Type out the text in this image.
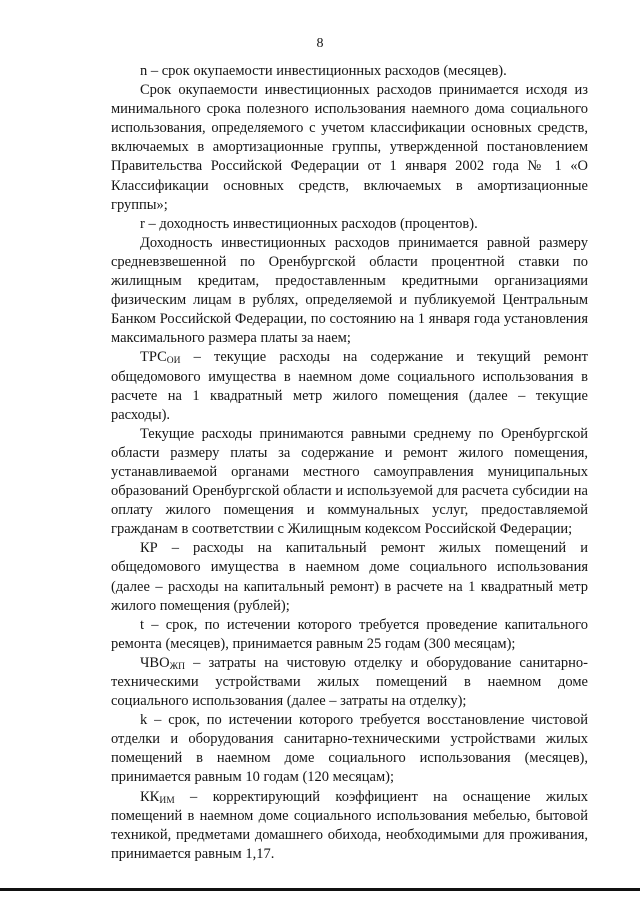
8

n – срок окупаемости инвестиционных расходов (месяцев).

Срок окупаемости инвестиционных расходов принимается исходя из минимального срока полезного использования наемного дома социального использования, определяемого с учетом классификации основных средств, включаемых в амортизационные группы, утвержденной постановлением Правительства Российской Федерации от 1 января 2002 года № 1 «О Классификации основных средств, включаемых в амортизационные группы»;

r – доходность инвестиционных расходов (процентов).

Доходность инвестиционных расходов принимается равной размеру средневзвешенной по Оренбургской области процентной ставки по жилищным кредитам, предоставленным кредитными организациями физическим лицам в рублях, определяемой и публикуемой Центральным Банком Российской Федерации, по состоянию на 1 января года установления максимального размера платы за наем;

$ТРС_{ОИ}$ – текущие расходы на содержание и текущий ремонт общедомового имущества в наемном доме социального использования в расчете на 1 квадратный метр жилого помещения (далее – текущие расходы).

Текущие расходы принимаются равными среднему по Оренбургской области размеру платы за содержание и ремонт жилого помещения, устанавливаемой органами местного самоуправления муниципальных образований Оренбургской области и используемой для расчета субсидии на оплату жилого помещения и коммунальных услуг, предоставляемой гражданам в соответствии с Жилищным кодексом Российской Федерации;

КР – расходы на капитальный ремонт жилых помещений и общедомового имущества в наемном доме социального использования (далее – расходы на капитальный ремонт) в расчете на 1 квадратный метр жилого помещения (рублей);

t – срок, по истечении которого требуется проведение капитального ремонта (месяцев), принимается равным 25 годам (300 месяцам);

$ЧВО_{ЖП}$ – затраты на чистовую отделку и оборудование санитарно-техническими устройствами жилых помещений в наемном доме социального использования (далее – затраты на отделку);

k – срок, по истечении которого требуется восстановление чистовой отделки и оборудования санитарно-техническими устройствами жилых помещений в наемном доме социального использования (месяцев), принимается равным 10 годам (120 месяцам);

$КК_{ИМ}$ – корректирующий коэффициент на оснащение жилых помещений в наемном доме социального использования мебелью, бытовой техникой, предметами домашнего обихода, необходимыми для проживания, принимается равным 1,17.
